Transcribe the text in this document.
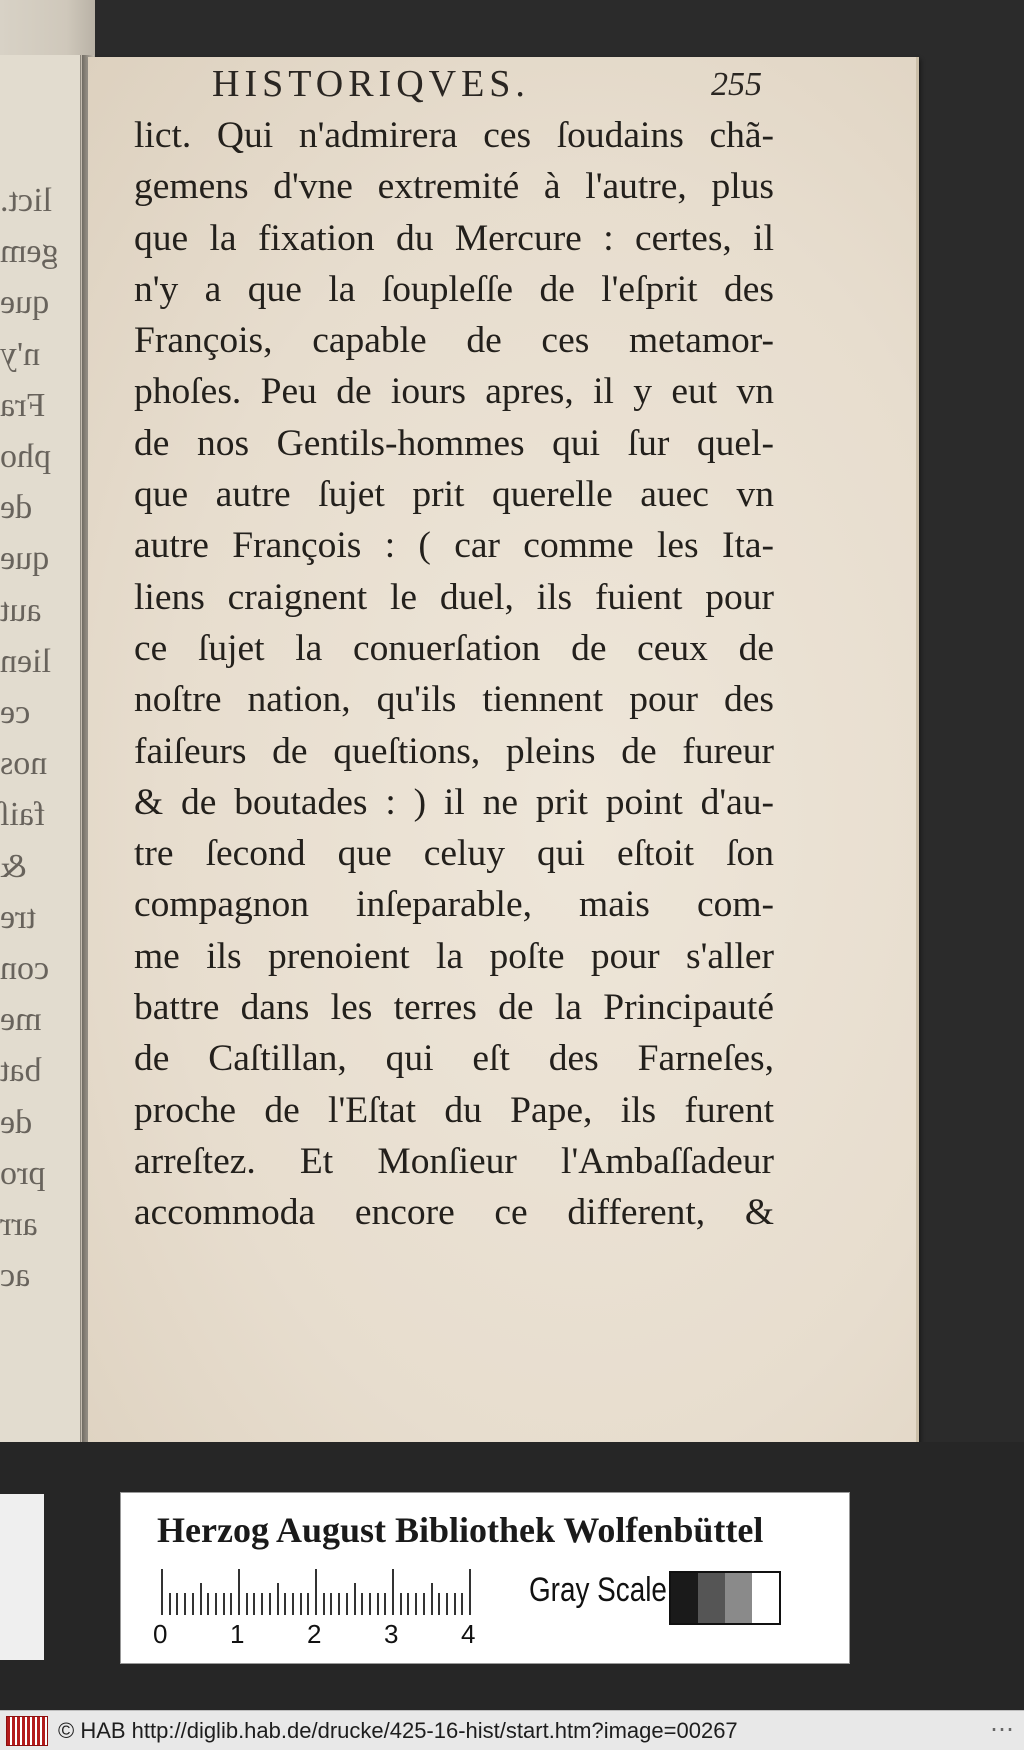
lict.
gem
que
n'y
Fra
pho
de
que
aut
lien
ce
nos
faiſ
&
tre
con
me
bat
de
pro
arr
ac
HISTORIQVES.	255
lict. Qui n'admirera ces ſoudains chã-
gemens d'vne extremité à l'autre, plus
que la fixation du Mercure : certes, il
n'y a que la ſoupleſſe de l'eſprit des
François, capable de ces metamor-
phoſes. Peu de iours apres, il y eut vn
de nos Gentils-hommes qui ſur quel-
que autre ſujet prit querelle auec vn
autre François : ( car comme les Ita-
liens craignent le duel, ils fuient pour
ce ſujet la conuerſation de ceux de
noſtre nation, qu'ils tiennent pour des
faiſeurs de queſtions, pleins de fureur
& de boutades : ) il ne prit point d'au-
tre ſecond que celuy qui eſtoit ſon
compagnon inſeparable, mais com-
me ils prenoient la poſte pour s'aller
battre dans les terres de la Principauté
de Caſtillan, qui eſt des Farneſes,
proche de l'Eſtat du Pape, ils furent
arreſtez. Et Monſieur l'Ambaſſadeur
accommoda encore ce different, &
Herzog August Bibliothek Wolfenbüttel
0 1 2 3 4
Gray Scale
© HAB http://diglib.hab.de/drucke/425-16-hist/start.htm?image=00267	⋯
